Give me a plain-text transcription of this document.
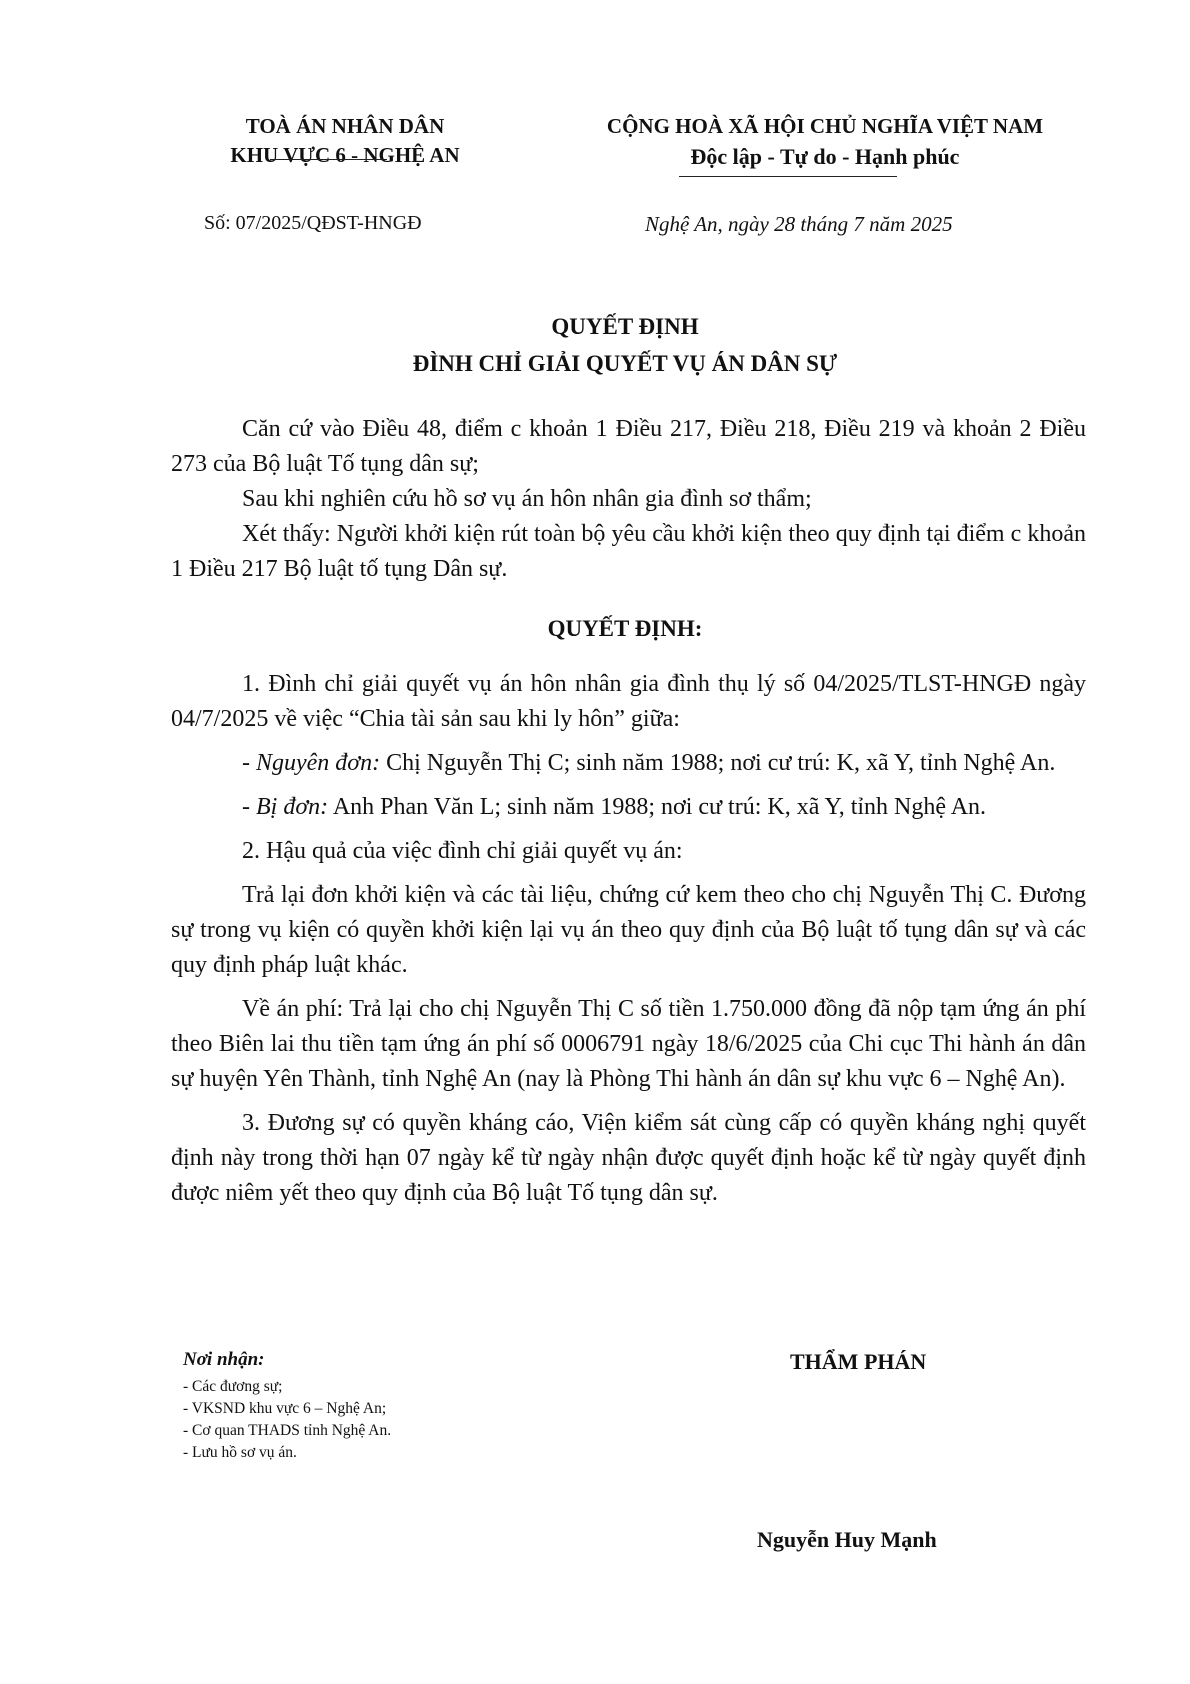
TOÀ ÁN NHÂN DÂN
KHU VỰC 6 - NGHỆ AN
CỘNG HOÀ XÃ HỘI CHỦ NGHĨA VIỆT NAM
Độc lập - Tự do - Hạnh phúc
Số: 07/2025/QĐST-HNGĐ	Nghệ An, ngày 28 tháng 7 năm 2025
QUYẾT ĐỊNH
ĐÌNH CHỈ GIẢI QUYẾT VỤ ÁN DÂN SỰ

Căn cứ vào Điều 48, điểm c khoản 1 Điều 217, Điều 218, Điều 219 và khoản 2 Điều 273 của Bộ luật Tố tụng dân sự;

Sau khi nghiên cứu hồ sơ vụ án hôn nhân gia đình sơ thẩm;

Xét thấy: Người khởi kiện rút toàn bộ yêu cầu khởi kiện theo quy định tại điểm c khoản 1 Điều 217 Bộ luật tố tụng Dân sự.

QUYẾT ĐỊNH:

1. Đình chỉ giải quyết vụ án hôn nhân gia đình thụ lý số 04/2025/TLST-HNGĐ ngày 04/7/2025 về việc “Chia tài sản sau khi ly hôn” giữa:

- Nguyên đơn: Chị Nguyễn Thị C; sinh năm 1988; nơi cư trú: K, xã Y, tỉnh Nghệ An.

- Bị đơn: Anh Phan Văn L; sinh năm 1988; nơi cư trú: K, xã Y, tỉnh Nghệ An.

2. Hậu quả của việc đình chỉ giải quyết vụ án:

Trả lại đơn khởi kiện và các tài liệu, chứng cứ kem theo cho chị Nguyễn Thị C. Đương sự trong vụ kiện có quyền khởi kiện lại vụ án theo quy định của Bộ luật tố tụng dân sự và các quy định pháp luật khác.

Về án phí: Trả lại cho chị Nguyễn Thị C số tiền 1.750.000 đồng đã nộp tạm ứng án phí theo Biên lai thu tiền tạm ứng án phí số 0006791 ngày 18/6/2025 của Chi cục Thi hành án dân sự huyện Yên Thành, tỉnh Nghệ An (nay là Phòng Thi hành án dân sự khu vực 6 – Nghệ An).

3. Đương sự có quyền kháng cáo, Viện kiểm sát cùng cấp có quyền kháng nghị quyết định này trong thời hạn 07 ngày kể từ ngày nhận được quyết định hoặc kể từ ngày quyết định được niêm yết theo quy định của Bộ luật Tố tụng dân sự.

Nơi nhận:
- Các đương sự;
- VKSND khu vực 6 – Nghệ An;
- Cơ quan THADS tỉnh Nghệ An.
- Lưu hồ sơ vụ án.
THẨM PHÁN
Nguyễn Huy Mạnh
